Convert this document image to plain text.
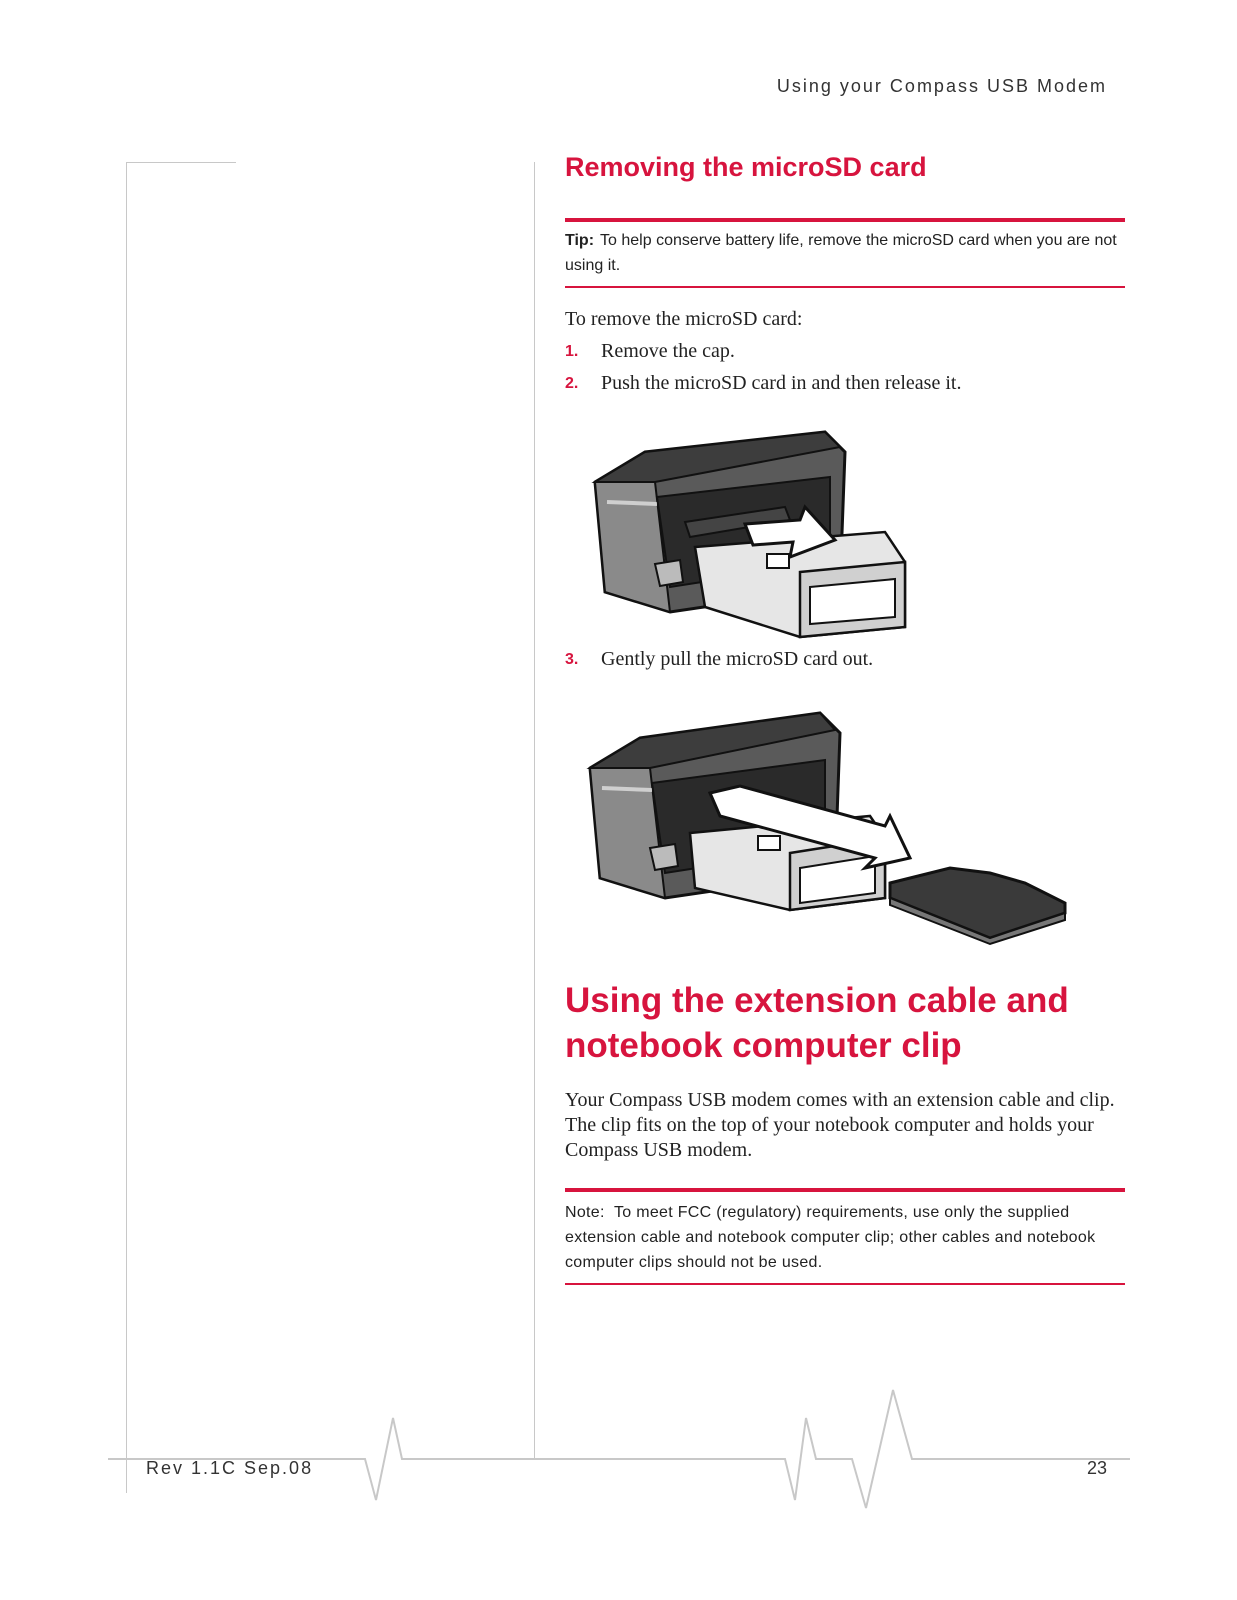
Using your Compass USB Modem
Removing the microSD card
Tip: To help conserve battery life, remove the microSD card when you are not using it.
To remove the microSD card:
1.	Remove the cap.
2.	Push the microSD card in and then release it.
3.	Gently pull the microSD card out.
Using the extension cable and notebook computer clip
Your Compass USB modem comes with an extension cable and clip. The clip fits on the top of your notebook computer and holds your Compass USB modem.
Note: To meet FCC (regulatory) requirements, use only the supplied extension cable and notebook computer clip; other cables and notebook computer clips should not be used.
Rev 1.1C Sep.08	23
